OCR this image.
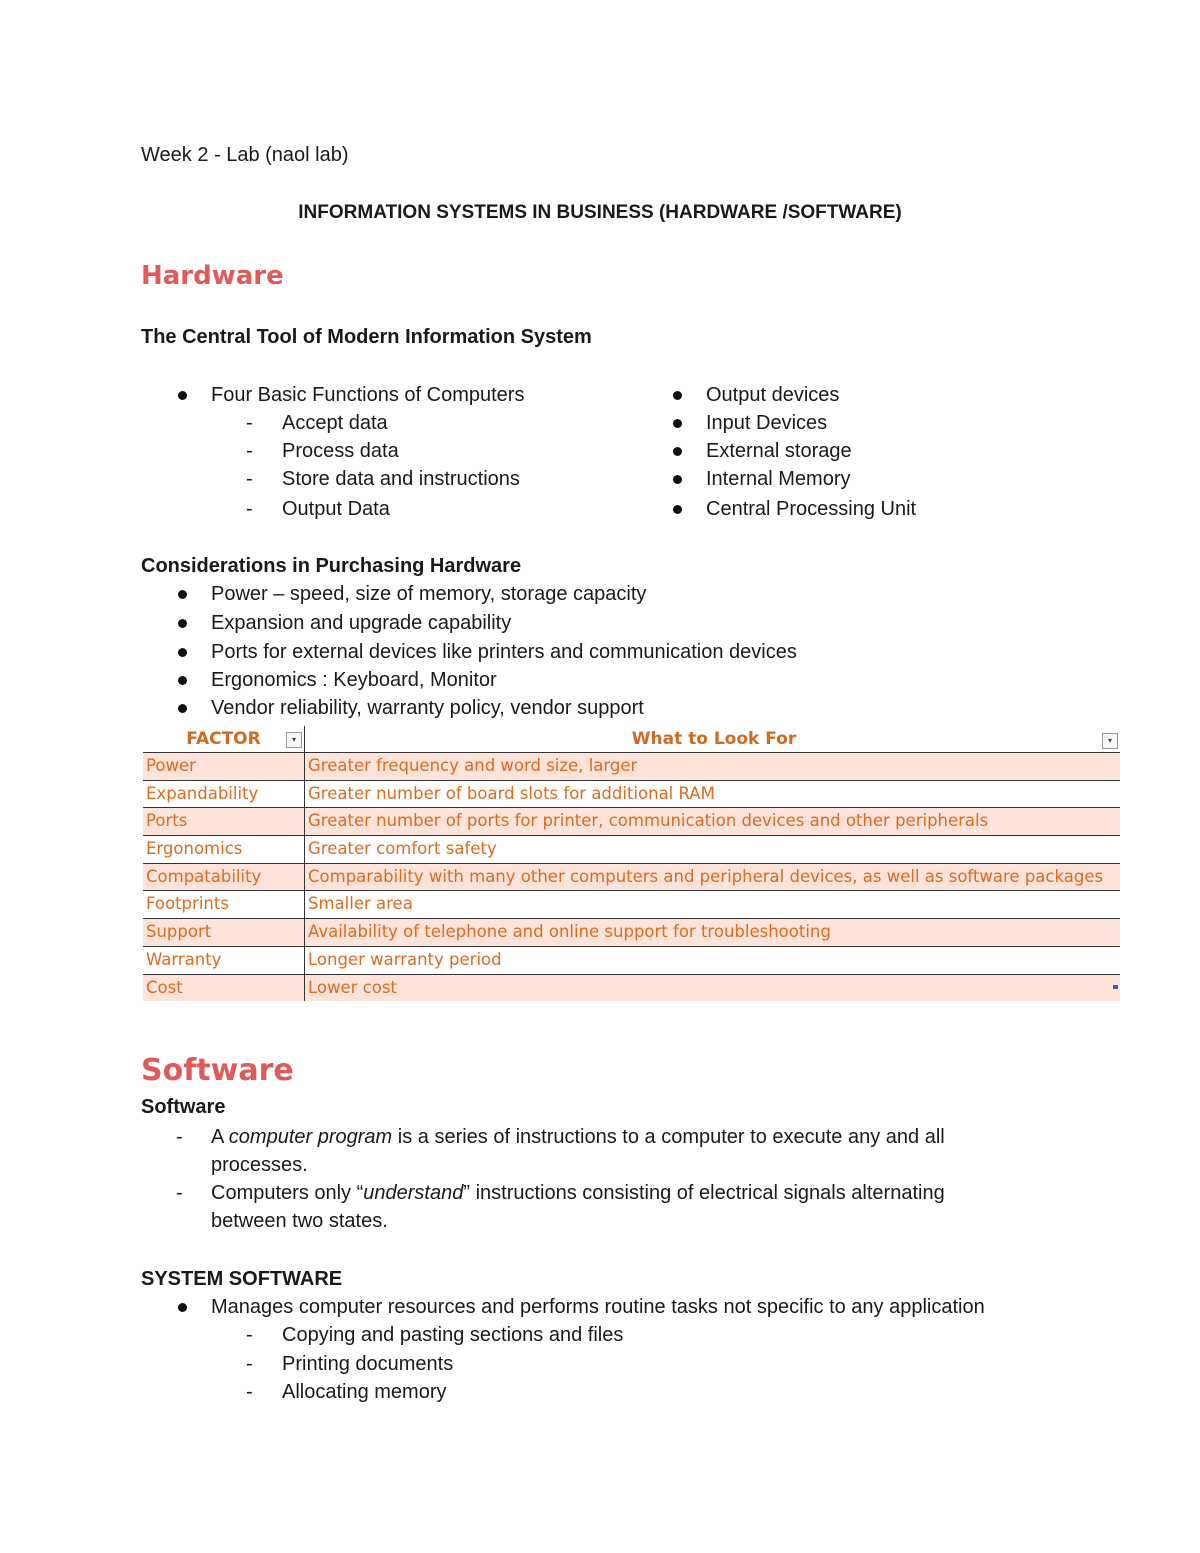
Week 2 - Lab (naol lab)
INFORMATION SYSTEMS IN BUSINESS (HARDWARE /SOFTWARE)
Hardware
The Central Tool of Modern Information System
Four Basic Functions of Computers
- Accept data
- Process data
- Store data and instructions
- Output Data
Output devices
Input Devices
External storage
Internal Memory
Central Processing Unit
Considerations in Purchasing Hardware
Power – speed, size of memory, storage capacity
Expansion and upgrade capability
Ports for external devices like printers and communication devices
Ergonomics : Keyboard, Monitor
Vendor reliability, warranty policy, vendor support
FACTOR	▾	What to Look For	▾
Power	Greater frequency and word size, larger
Expandability	Greater number of board slots for additional RAM
Ports	Greater number of ports for printer, communication devices and other peripherals
Ergonomics	Greater comfort safety
Compatability	Comparability with many other computers and peripheral devices, as well as software packages
Footprints	Smaller area
Support	Availability of telephone and online support for troubleshooting
Warranty	Longer warranty period
Cost	Lower cost
Software
Software
- A computer program is a series of instructions to a computer to execute any and all
processes.
- Computers only “understand” instructions consisting of electrical signals alternating
between two states.
SYSTEM SOFTWARE
Manages computer resources and performs routine tasks not specific to any application
- Copying and pasting sections and files
- Printing documents
- Allocating memory
